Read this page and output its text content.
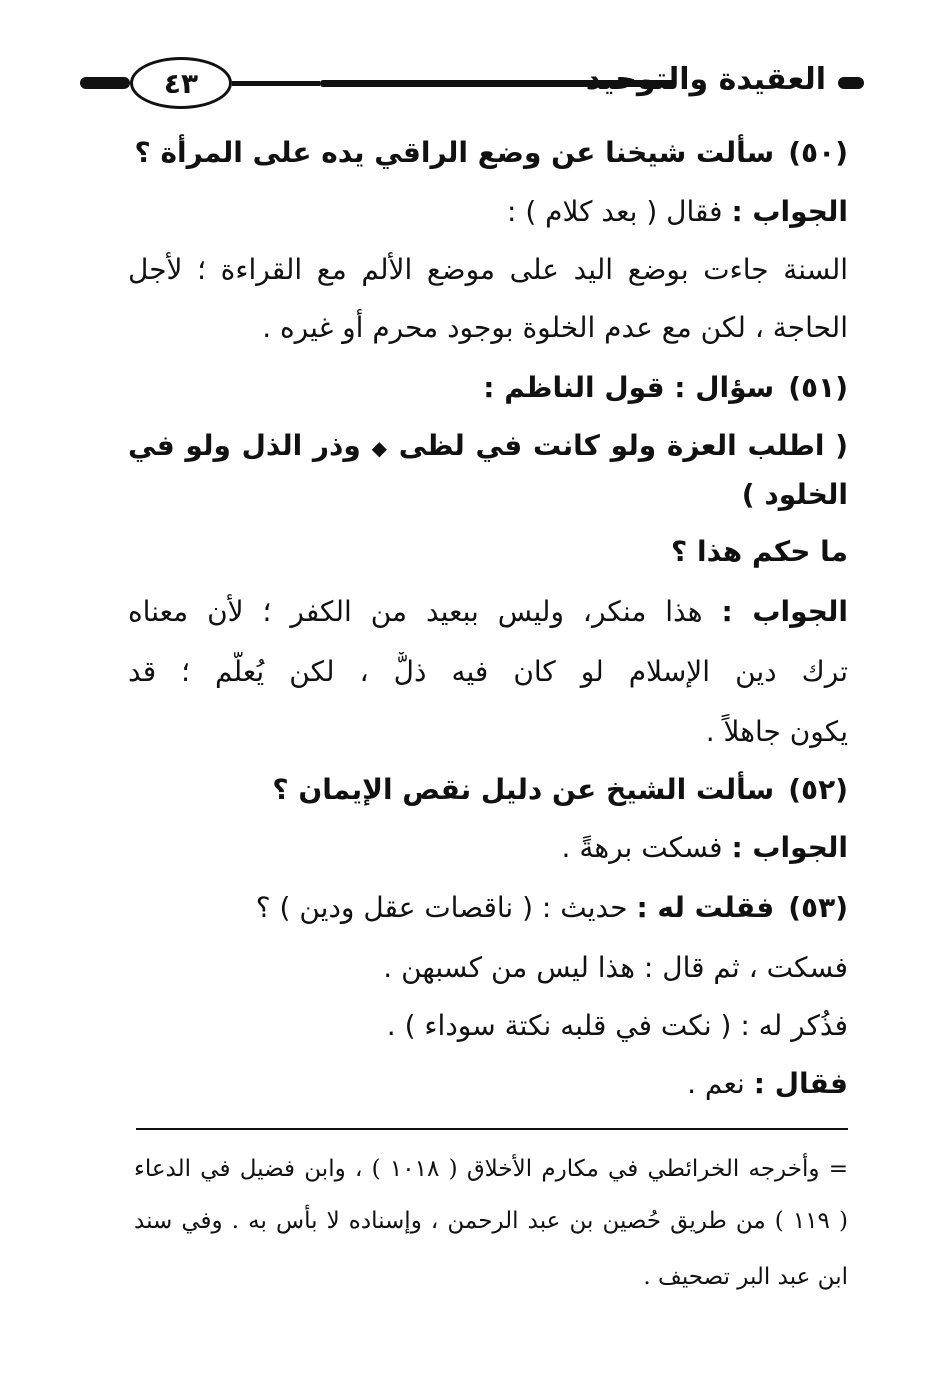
٤٣	العقيدة والتوحيد
(٥٠)سألت شيخنا عن وضع الراقي يده على المرأة ؟
الجواب : فقال ( بعد كلام ) :
السنة جاءت بوضع اليد على موضع الألم مع القراءة ؛ لأجل
الحاجة ، لكن مع عدم الخلوة بوجود محرم أو غيره .
(٥١)سؤال : قول الناظم :
( اطلب العزة ولو كانت في لظى ◆ وذر الذل ولو في
الخلود )
ما حكم هذا ؟
الجواب : هذا منكر، وليس ببعيد من الكفر ؛ لأن معناه
ترك دين الإسلام لو كان فيه ذلٌّ ، لكن يُعلَّم ؛ قد
يكون جاهلاً .
(٥٢)سألت الشيخ عن دليل نقص الإيمان ؟
الجواب : فسكت برهةً .
(٥٣)فقلت له : حديث : ( ناقصات عقل ودين ) ؟
فسكت ، ثم قال : هذا ليس من كسبهن .
فذُكر له : ( نكت في قلبه نكتة سوداء ) .
فقال : نعم .
= وأخرجه الخرائطي في مكارم الأخلاق ( ١٠١٨ ) ، وابن فضيل في الدعاء
( ١١٩ ) من طريق حُصين بن عبد الرحمن ، وإسناده لا بأس به . وفي سند
ابن عبد البر تصحيف .
